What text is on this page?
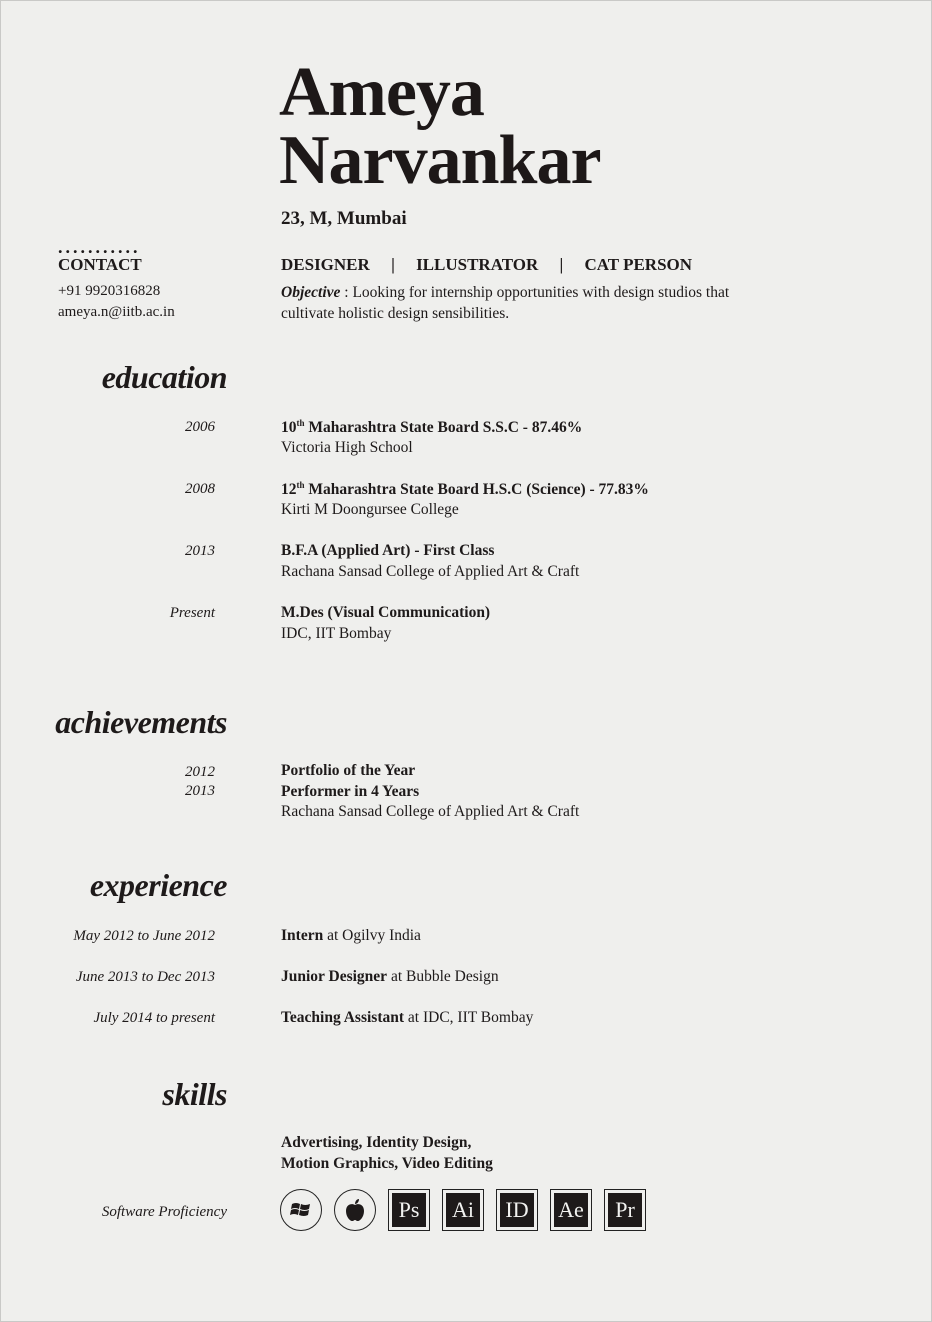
Ameya
Narvankar
23, M, Mumbai
...........
CONTACT
+91 9920316828
ameya.n@iitb.ac.in
DESIGNER | ILLUSTRATOR | CAT PERSON
Objective : Looking for internship opportunities with design studios that cultivate holistic design sensibilities.
education
2006	10th Maharashtra State Board S.S.C - 87.46%
Victoria High School
2008	12th Maharashtra State Board H.S.C (Science) - 77.83%
Kirti M Doongursee College
2013	B.F.A (Applied Art) - First Class
Rachana Sansad College of Applied Art & Craft
Present	M.Des (Visual Communication)
IDC, IIT Bombay
achievements
2012	Portfolio of the Year
2013	Performer in 4 Years
Rachana Sansad College of Applied Art & Craft
experience
May 2012 to June 2012	Intern at Ogilvy India
June 2013 to Dec 2013	Junior Designer at Bubble Design
July 2014 to present	Teaching Assistant at IDC, IIT Bombay
skills
Advertising, Identity Design,
Motion Graphics, Video Editing
Software Proficiency	Ps	Ai ID Ae	Pr
